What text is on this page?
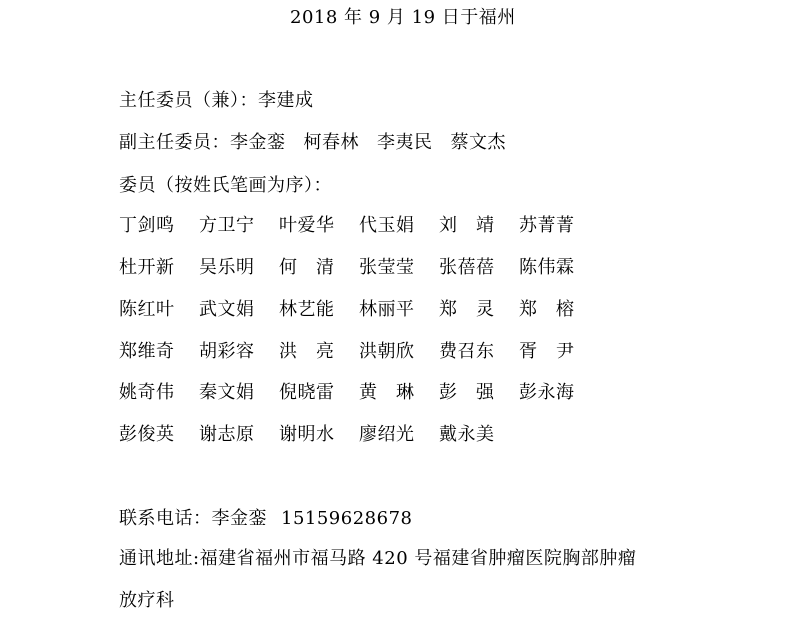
2018 年 9 月 19 日于福州
主任委员（兼）：李建成
副主任委员：李金銮 柯春林 李夷民 蔡文杰
委员（按姓氏笔画为序）：
丁剑鸣 方卫宁 叶爱华 代玉娟 刘　靖 苏菁菁
杜开新 吴乐明 何　清 张莹莹 张蓓蓓 陈伟霖
陈红叶 武文娟 林艺能 林丽平 郑　灵 郑　榕
郑维奇 胡彩容 洪　亮 洪朝欣 费召东 胥　尹
姚奇伟 秦文娟 倪晓雷 黄　琳 彭　强 彭永海
彭俊英 谢志原 谢明水 廖绍光 戴永美
联系电话：李金銮 15159628678
通讯地址:福建省福州市福马路 420 号福建省肿瘤医院胸部肿瘤
放疗科
